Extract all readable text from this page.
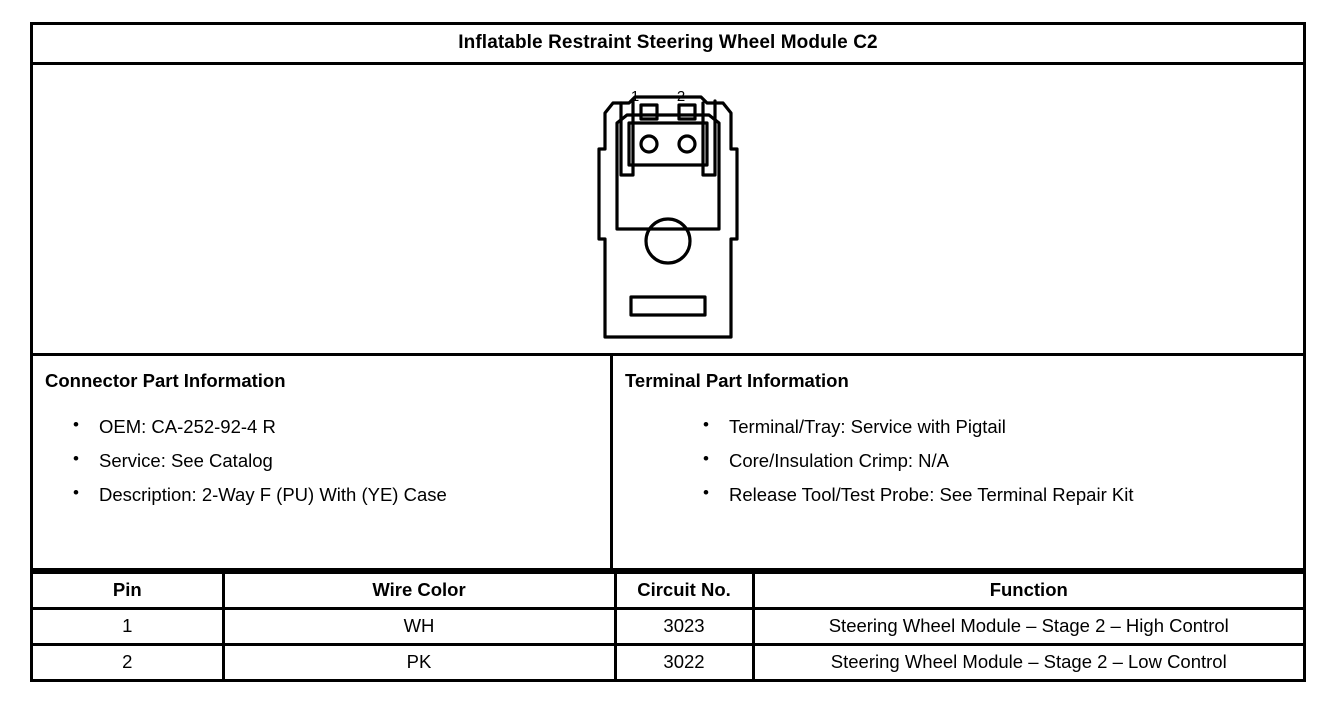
Inflatable Restraint Steering Wheel Module C2
1	2
Connector Part Information
• OEM: CA-252-92-4 R
• Service: See Catalog
• Description: 2-Way F (PU) With (YE) Case
Terminal Part Information
• Terminal/Tray: Service with Pigtail
• Core/Insulation Crimp: N/A
• Release Tool/Test Probe: See Terminal Repair Kit
Pin	Wire Color	Circuit No.	Function
1	WH	3023	Steering Wheel Module – Stage 2 – High Control
2	PK	3022	Steering Wheel Module – Stage 2 – Low Control
